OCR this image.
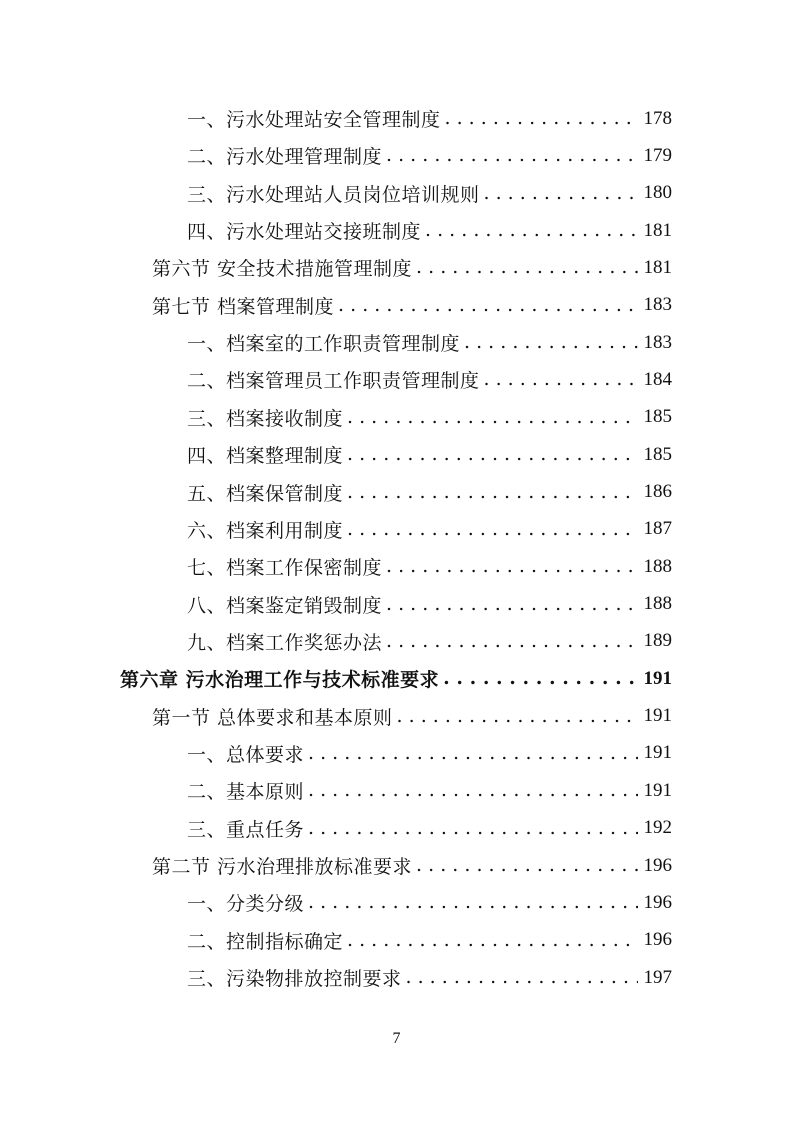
一、污水处理站安全管理制度 . . .	178
二、污水处理管理制度 . . .	179
三、污水处理站人员岗位培训规则 . . .	180
四、污水处理站交接班制度 . . .	181
第六节 安全技术措施管理制度 . . .	181
第七节 档案管理制度 . . .	183
一、档案室的工作职责管理制度 . . .	183
二、档案管理员工作职责管理制度 . . .	184
三、档案接收制度 . . .	185
四、档案整理制度 . . .	185
五、档案保管制度 . . .	186
六、档案利用制度 . . .	187
七、档案工作保密制度 . . .	188
八、档案鉴定销毁制度 . . .	188
九、档案工作奖惩办法 . . .	189
第六章 污水治理工作与技术标准要求 . . .	191
第一节 总体要求和基本原则 . . .	191
一、总体要求 . . .	191
二、基本原则 . . .	191
三、重点任务 . . .	192
第二节 污水治理排放标准要求 . . .	196
一、分类分级 . . .	196
二、控制指标确定 . . .	196
三、污染物排放控制要求 . . .	197
7
